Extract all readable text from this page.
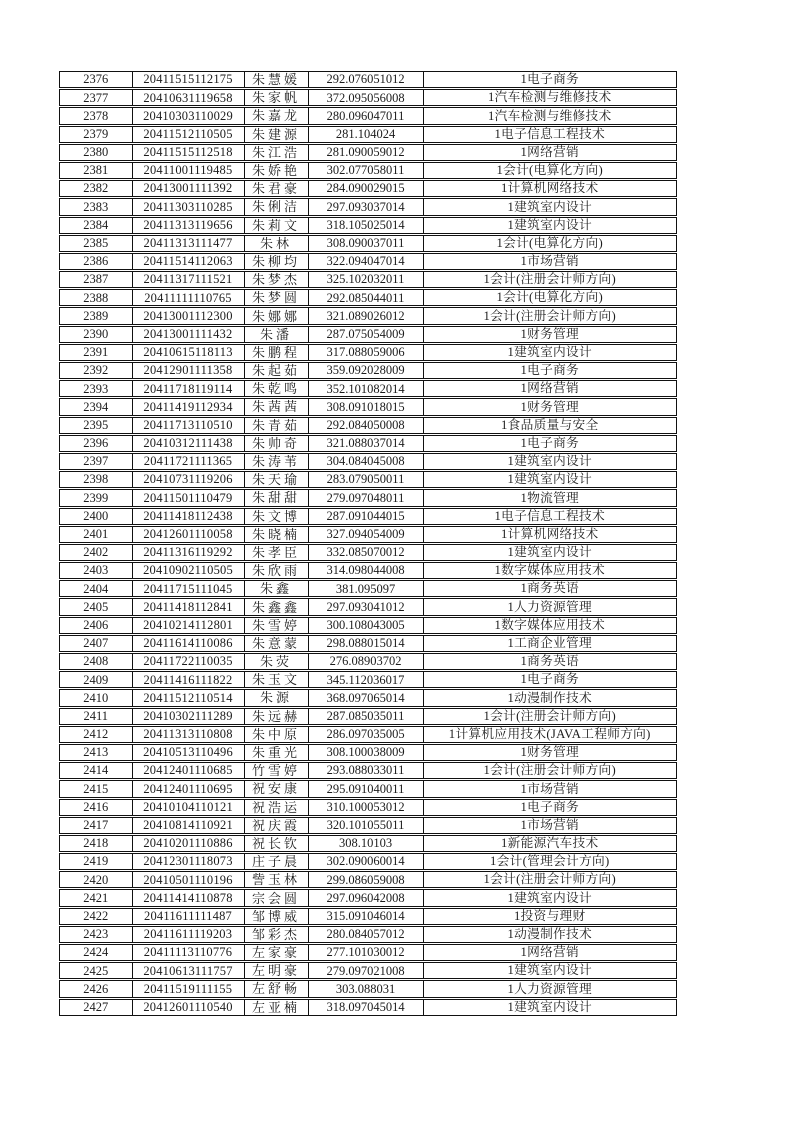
2376	20411515112175	朱慧媛	292.076051012	1电子商务
2377	20410631119658	朱家帆	372.095056008	1汽车检测与维修技术
2378	20410303110029	朱嘉龙	280.096047011	1汽车检测与维修技术
2379	20411512110505	朱建源	281.104024	1电子信息工程技术
2380	20411515112518	朱江浩	281.090059012	1网络营销
2381	20411001119485	朱娇艳	302.077058011	1会计(电算化方向)
2382	20413001111392	朱君豪	284.090029015	1计算机网络技术
2383	20411303110285	朱俐洁	297.093037014	1建筑室内设计
2384	20411313119656	朱莉文	318.105025014	1建筑室内设计
2385	20411313111477	朱林	308.090037011	1会计(电算化方向)
2386	20411514112063	朱柳均	322.094047014	1市场营销
2387	20411317111521	朱梦杰	325.102032011	1会计(注册会计师方向)
2388	20411111110765	朱梦圆	292.085044011	1会计(电算化方向)
2389	20413001112300	朱娜娜	321.089026012	1会计(注册会计师方向)
2390	20413001111432	朱潘	287.075054009	1财务管理
2391	20410615118113	朱鹏程	317.088059006	1建筑室内设计
2392	20412901111358	朱起茹	359.092028009	1电子商务
2393	20411718119114	朱乾鸣	352.101082014	1网络营销
2394	20411419112934	朱茜茜	308.091018015	1财务管理
2395	20411713110510	朱青茹	292.084050008	1食品质量与安全
2396	20410312111438	朱帅奇	321.088037014	1电子商务
2397	20411721111365	朱涛苇	304.084045008	1建筑室内设计
2398	20410731119206	朱天瑜	283.079050011	1建筑室内设计
2399	20411501110479	朱甜甜	279.097048011	1物流管理
2400	20411418112438	朱文博	287.091044015	1电子信息工程技术
2401	20412601110058	朱晓楠	327.094054009	1计算机网络技术
2402	20411316119292	朱孝臣	332.085070012	1建筑室内设计
2403	20410902110505	朱欣雨	314.098044008	1数字媒体应用技术
2404	20411715111045	朱鑫	381.095097	1商务英语
2405	20411418112841	朱鑫鑫	297.093041012	1人力资源管理
2406	20410214112801	朱雪婷	300.108043005	1数字媒体应用技术
2407	20411614110086	朱意蒙	298.088015014	1工商企业管理
2408	20411722110035	朱荧	276.08903702	1商务英语
2409	20411416111822	朱玉文	345.112036017	1电子商务
2410	20411512110514	朱源	368.097065014	1动漫制作技术
2411	20410302111289	朱远赫	287.085035011	1会计(注册会计师方向)
2412	20411313110808	朱中原	286.097035005	1计算机应用技术(JAVA工程师方向)
2413	20410513110496	朱重光	308.100038009	1财务管理
2414	20412401110685	竹雪婷	293.088033011	1会计(注册会计师方向)
2415	20412401110695	祝安康	295.091040011	1市场营销
2416	20410104110121	祝浩运	310.100053012	1电子商务
2417	20410814110921	祝庆霞	320.101055011	1市场营销
2418	20410201110886	祝长钦	308.10103	1新能源汽车技术
2419	20412301118073	庄子晨	302.090060014	1会计(管理会计方向)
2420	20410501110196	訾玉林	299.086059008	1会计(注册会计师方向)
2421	20411414110878	宗会圆	297.096042008	1建筑室内设计
2422	20411611111487	邹博威	315.091046014	1投资与理财
2423	20411611119203	邹彩杰	280.084057012	1动漫制作技术
2424	20411113110776	左家豪	277.101030012	1网络营销
2425	20410613111757	左明豪	279.097021008	1建筑室内设计
2426	20411519111155	左舒畅	303.088031	1人力资源管理
2427	20412601110540	左亚楠	318.097045014	1建筑室内设计
